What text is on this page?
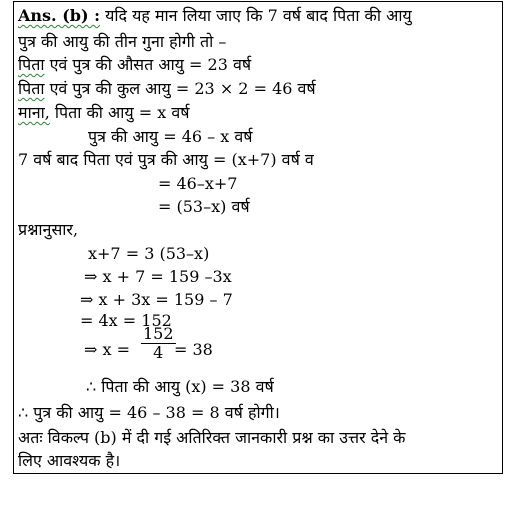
Ans. (b) : यदि यह मान लिया जाए कि 7 वर्ष बाद पिता की आयु
पुत्र की आयु की तीन गुना होगी तो –
पिता एवं पुत्र की औसत आयु = 23 वर्ष
पिता एवं पुत्र की कुल आयु = 23 × 2 = 46 वर्ष
माना, पिता की आयु = x वर्ष
पुत्र की आयु = 46 – x वर्ष
7 वर्ष बाद पिता एवं पुत्र की आयु = (x+7) वर्ष व
= 46–x+7
= (53–x) वर्ष
प्रश्नानुसार,
x+7 = 3 (53–x)
⇒ x + 7 = 159 –3x
⇒ x + 3x = 159 – 7
= 4x = 152
⇒ $x = \frac{152}{4}$
= 38
∴ पिता की आयु (x) = 38 वर्ष
∴ पुत्र की आयु = 46 – 38 = 8 वर्ष होगी।
अतः विकल्प (b) में दी गई अतिरिक्त जानकारी प्रश्न का उत्तर देने के
लिए आवश्यक है।
